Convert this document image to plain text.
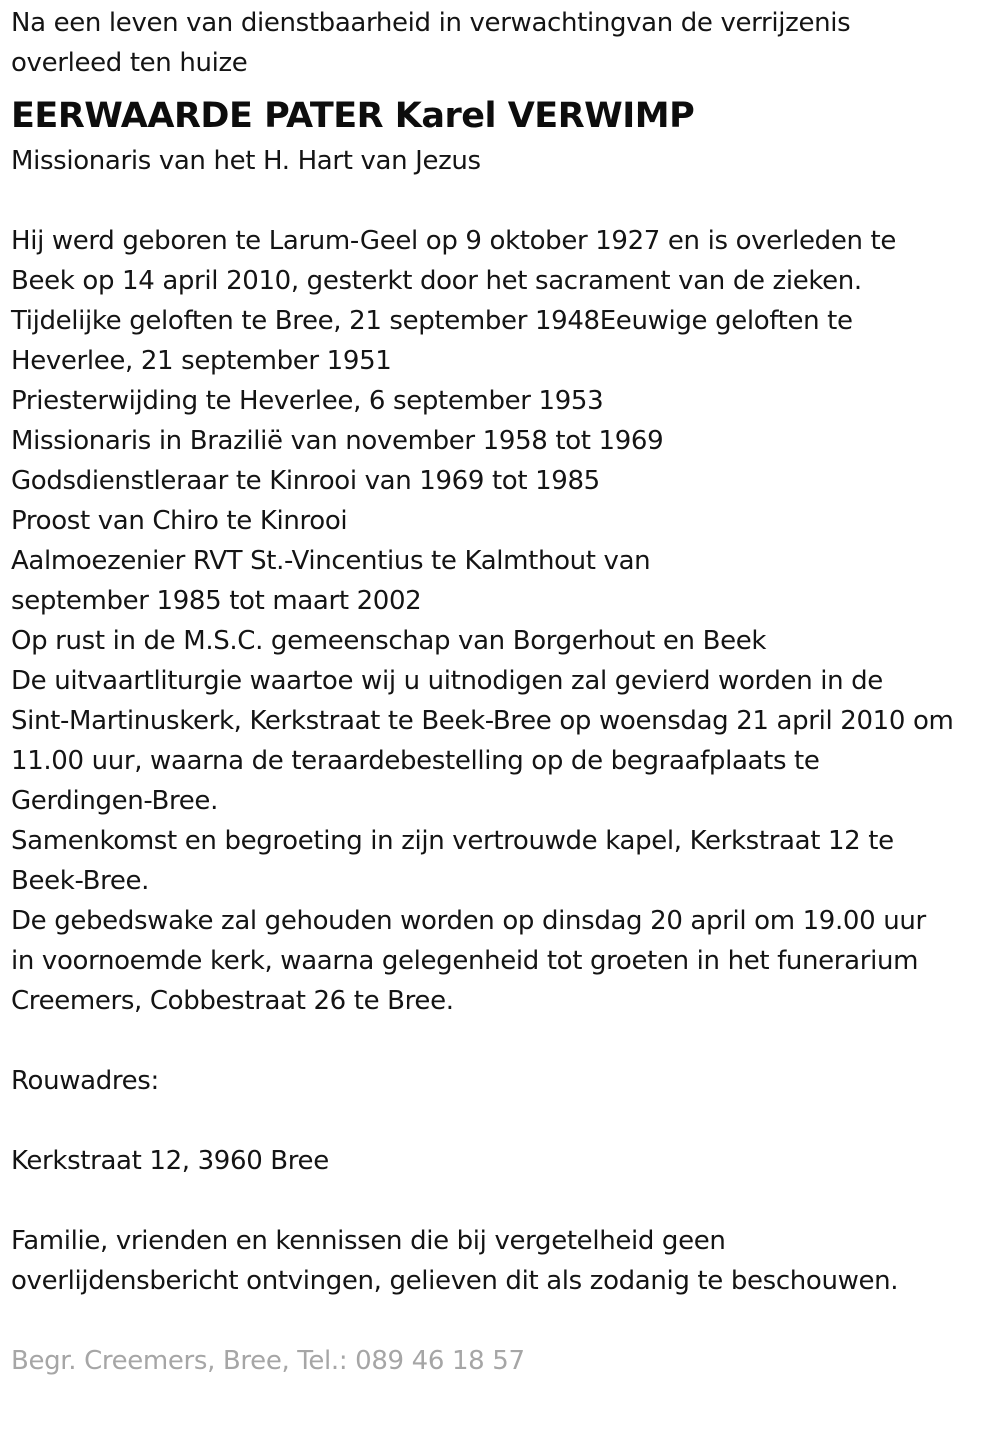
Na een leven van dienstbaarheid in verwachtingvan de verrijzenis
overleed ten huize
EERWAARDE PATER Karel VERWIMP
Missionaris van het H. Hart van Jezus
Hij werd geboren te Larum-Geel op 9 oktober 1927 en is overleden te
Beek op 14 april 2010, gesterkt door het sacrament van de zieken.
Tijdelijke geloften te Bree, 21 september 1948Eeuwige geloften te
Heverlee, 21 september 1951
Priesterwijding te Heverlee, 6 september 1953
Missionaris in Brazilië van november 1958 tot 1969
Godsdienstleraar te Kinrooi van 1969 tot 1985
Proost van Chiro te Kinrooi
Aalmoezenier RVT St.-Vincentius te Kalmthout van
september 1985 tot maart 2002
Op rust in de M.S.C. gemeenschap van Borgerhout en Beek
De uitvaartliturgie waartoe wij u uitnodigen zal gevierd worden in de
Sint-Martinuskerk, Kerkstraat te Beek-Bree op woensdag 21 april 2010 om
11.00 uur, waarna de teraardebestelling op de begraafplaats te
Gerdingen-Bree.
Samenkomst en begroeting in zijn vertrouwde kapel, Kerkstraat 12 te
Beek-Bree.
De gebedswake zal gehouden worden op dinsdag 20 april om 19.00 uur
in voornoemde kerk, waarna gelegenheid tot groeten in het funerarium
Creemers, Cobbestraat 26 te Bree.
Rouwadres:
Kerkstraat 12, 3960 Bree
Familie, vrienden en kennissen die bij vergetelheid geen
overlijdensbericht ontvingen, gelieven dit als zodanig te beschouwen.
Begr. Creemers, Bree, Tel.: 089 46 18 57
